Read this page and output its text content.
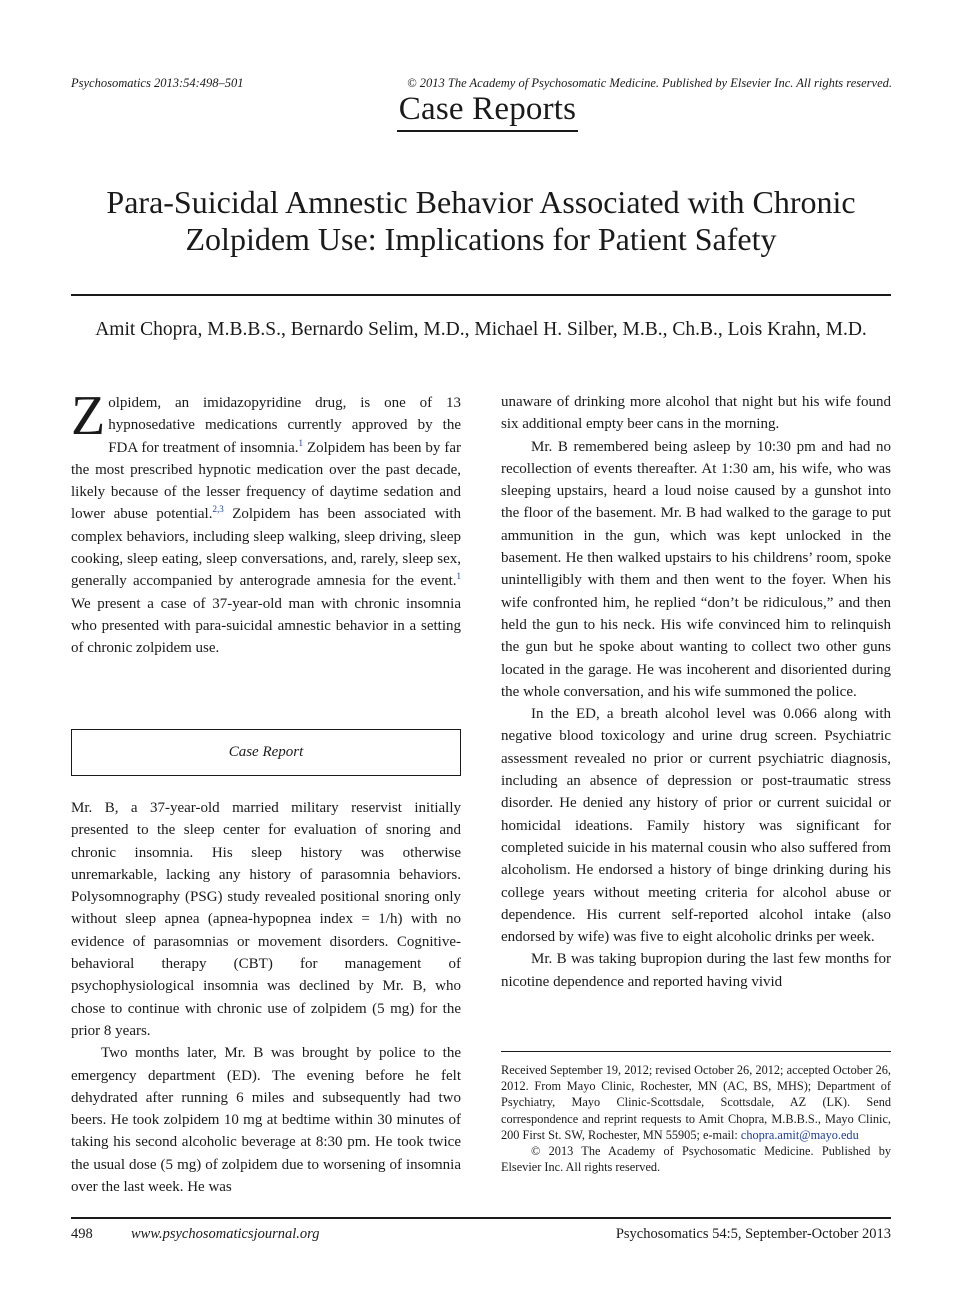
Psychosomatics 2013:54:498–501	© 2013 The Academy of Psychosomatic Medicine. Published by Elsevier Inc. All rights reserved.
Case Reports
Para-Suicidal Amnestic Behavior Associated with Chronic Zolpidem Use: Implications for Patient Safety
Amit Chopra, M.B.B.S., Bernardo Selim, M.D., Michael H. Silber, M.B., Ch.B., Lois Krahn, M.D.

Zolpidem, an imidazopyridine drug, is one of 13 hypnosedative medications currently approved by the FDA for treatment of insomnia.$^1$ Zolpidem has been by far the most prescribed hypnotic medication over the past decade, likely because of the lesser frequency of daytime sedation and lower abuse potential.$^{2,3}$ Zolpidem has been associated with complex behaviors, including sleep walking, sleep driving, sleep cooking, sleep eating, sleep conversations, and, rarely, sleep sex, generally accompanied by anterograde amnesia for the event.$^1$ We present a case of 37-year-old man with chronic insomnia who presented with para-suicidal amnestic behavior in a setting of chronic zolpidem use.

Case Report

Mr. B, a 37-year-old married military reservist initially presented to the sleep center for evaluation of snoring and chronic insomnia. His sleep history was otherwise unremarkable, lacking any history of parasomnia behaviors. Polysomnography (PSG) study revealed positional snoring only without sleep apnea (apnea-hypopnea index = 1/h) with no evidence of parasomnias or movement disorders. Cognitive-behavioral therapy (CBT) for management of psychophysiological insomnia was declined by Mr. B, who chose to continue with chronic use of zolpidem (5 mg) for the prior 8 years.

Two months later, Mr. B was brought by police to the emergency department (ED). The evening before he felt dehydrated after running 6 miles and subsequently had two beers. He took zolpidem 10 mg at bedtime within 30 minutes of taking his second alcoholic beverage at 8:30 pm. He took twice the usual dose (5 mg) of zolpidem due to worsening of insomnia over the last week. He was

unaware of drinking more alcohol that night but his wife found six additional empty beer cans in the morning.

Mr. B remembered being asleep by 10:30 pm and had no recollection of events thereafter. At 1:30 am, his wife, who was sleeping upstairs, heard a loud noise caused by a gunshot into the floor of the basement. Mr. B had walked to the garage to put ammunition in the gun, which was kept unlocked in the basement. He then walked upstairs to his childrens’ room, spoke unintelligibly with them and then went to the foyer. When his wife confronted him, he replied “don’t be ridiculous,” and then held the gun to his neck. His wife convinced him to relinquish the gun but he spoke about wanting to collect two other guns located in the garage. He was incoherent and disoriented during the whole conversation, and his wife summoned the police.

In the ED, a breath alcohol level was 0.066 along with negative blood toxicology and urine drug screen. Psychiatric assessment revealed no prior or current psychiatric diagnosis, including an absence of depression or post-traumatic stress disorder. He denied any history of prior or current suicidal or homicidal ideations. Family history was significant for completed suicide in his maternal cousin who also suffered from alcoholism. He endorsed a history of binge drinking during his college years without meeting criteria for alcohol abuse or dependence. His current self-reported alcohol intake (also endorsed by wife) was five to eight alcoholic drinks per week.

Mr. B was taking bupropion during the last few months for nicotine dependence and reported having vivid

Received September 19, 2012; revised October 26, 2012; accepted October 26, 2012. From Mayo Clinic, Rochester, MN (AC, BS, MHS); Department of Psychiatry, Mayo Clinic-Scottsdale, Scottsdale, AZ (LK). Send correspondence and reprint requests to Amit Chopra, M.B.B.S., Mayo Clinic, 200 First St. SW, Rochester, MN 55905; e-mail: chopra.amit@mayo.edu

© 2013 The Academy of Psychosomatic Medicine. Published by Elsevier Inc. All rights reserved.

498	www.psychosomaticsjournal.org	Psychosomatics 54:5, September-October 2013
